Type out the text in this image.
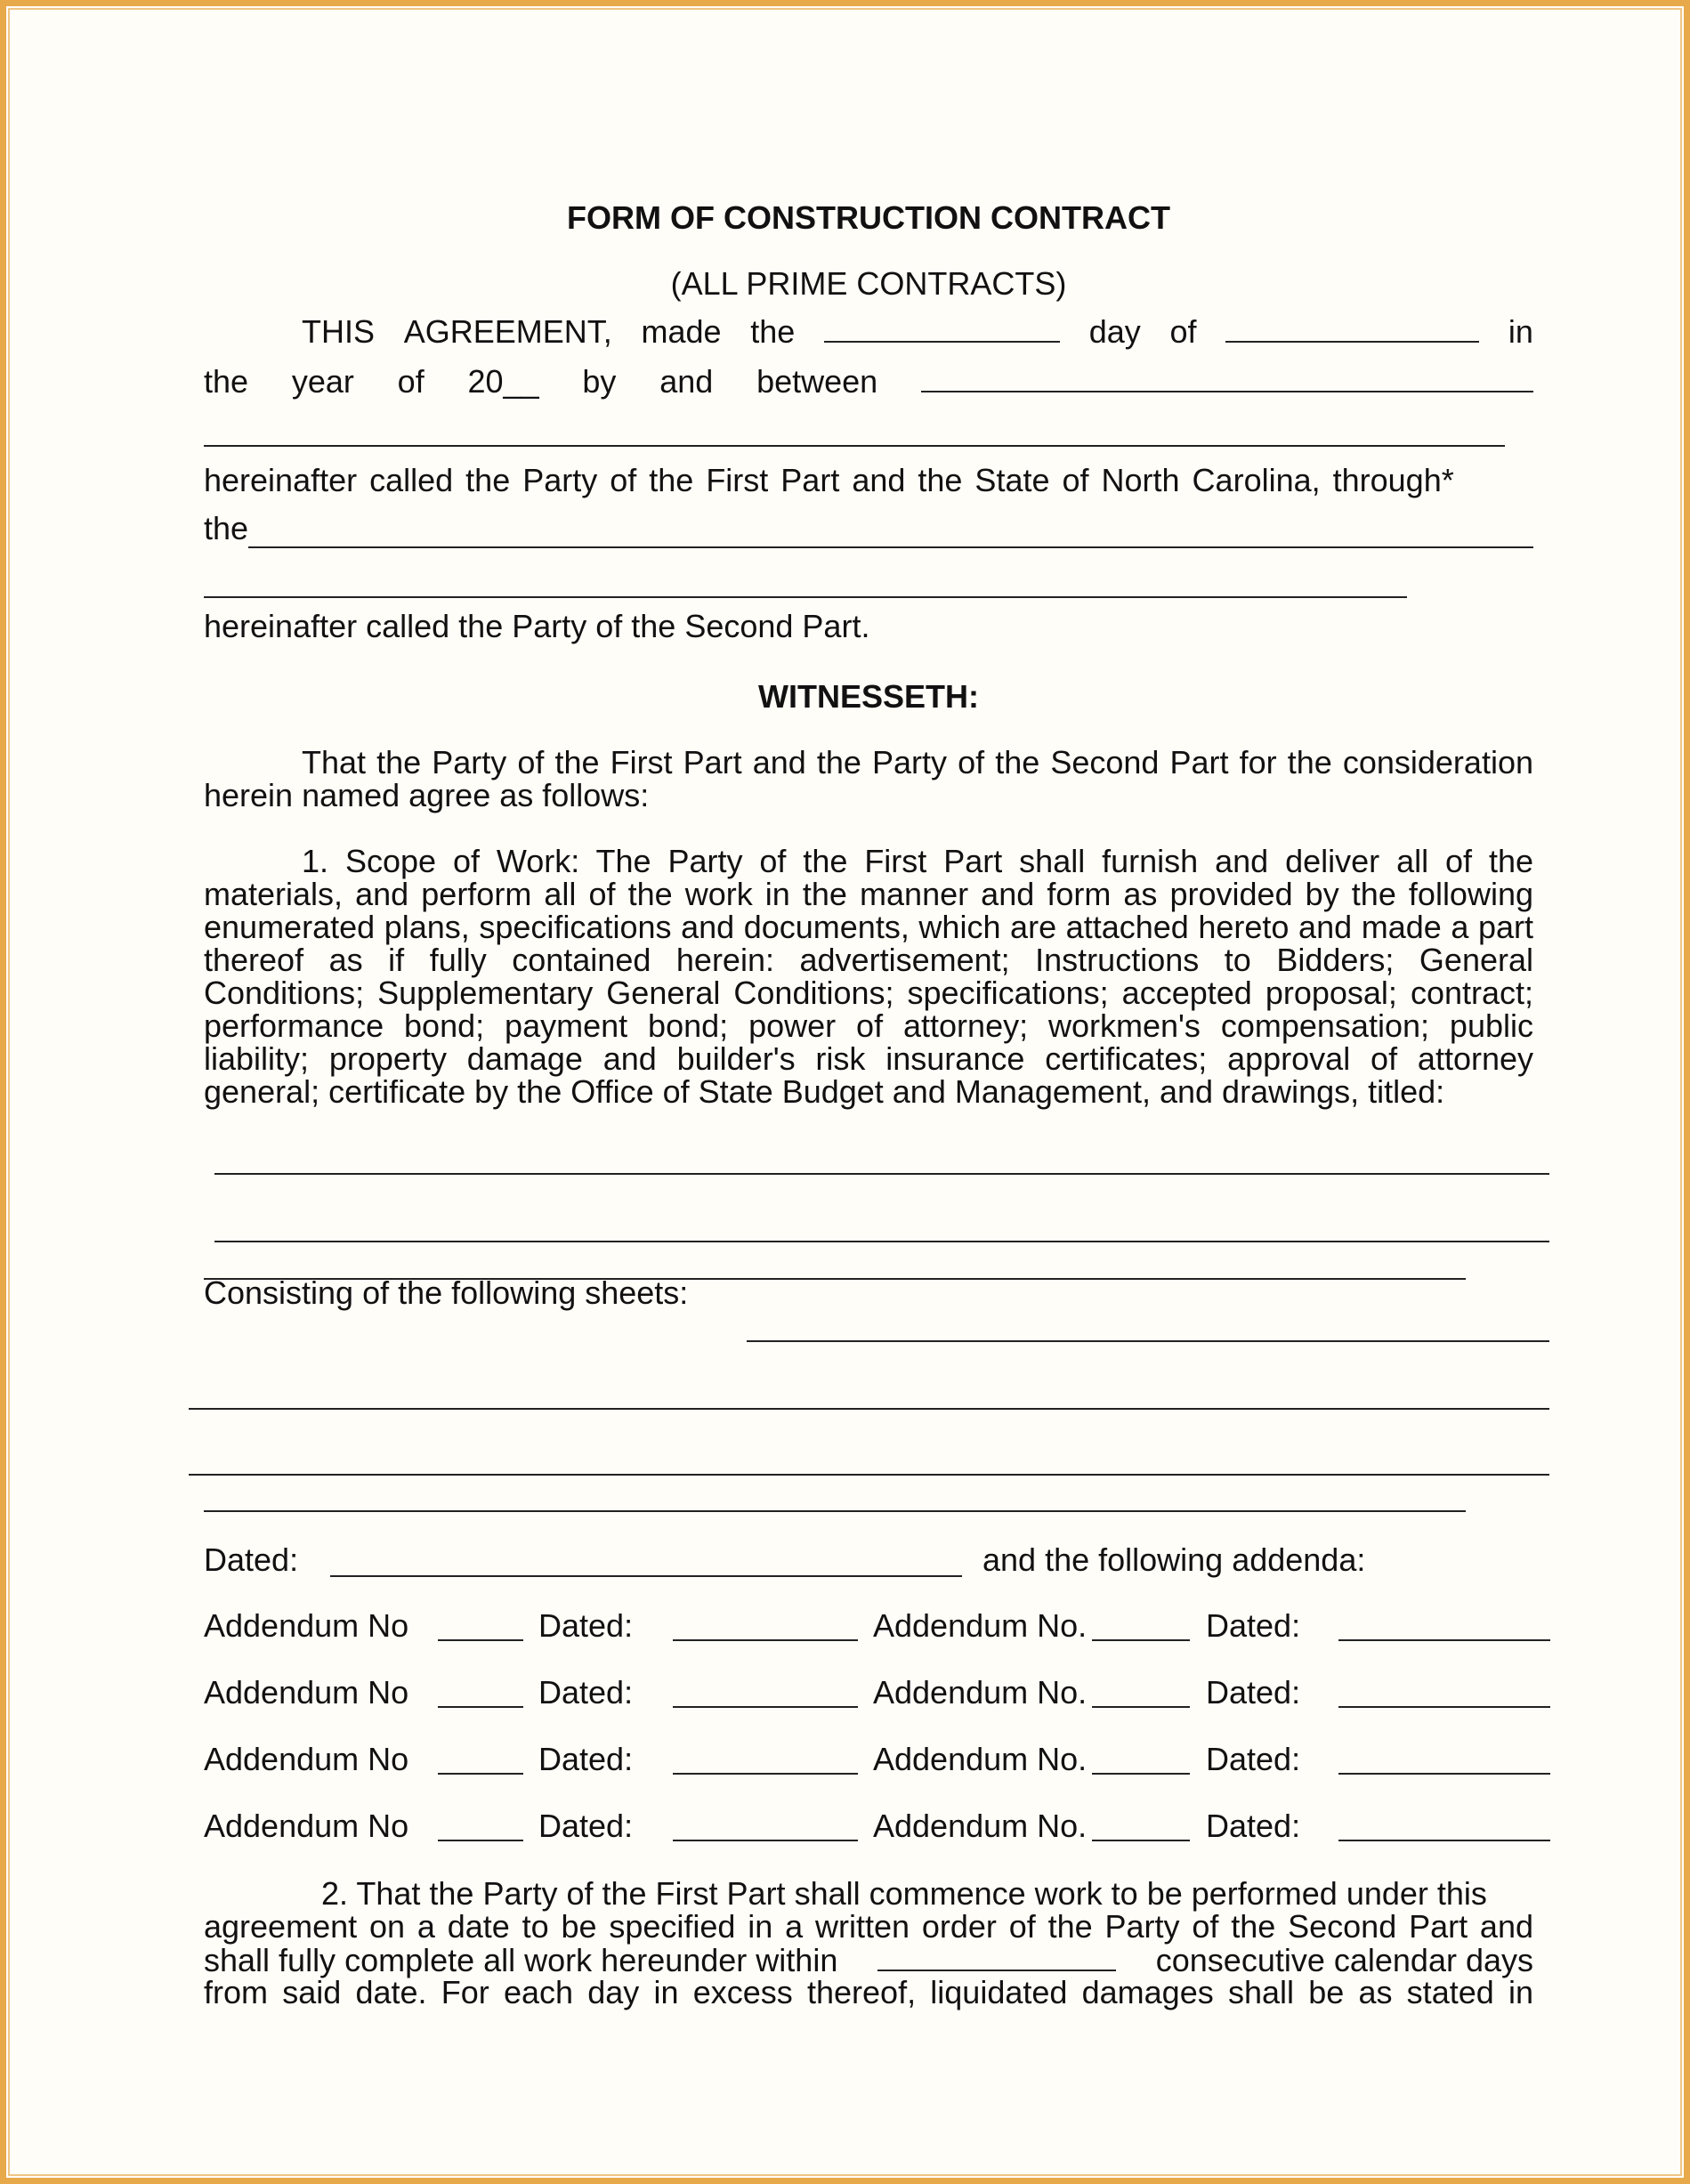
FORM OF CONSTRUCTION CONTRACT
(ALL PRIME CONTRACTS)
THIS AGREEMENT, made the	day of	in
the year of 20__ by and between
hereinafter called the Party of the First Part and the State of North Carolina, through*
the
hereinafter called the Party of the Second Part.
WITNESSETH:
That the Party of the First Part and the Party of the Second Part for the consideration herein named agree as follows:
1. Scope of Work: The Party of the First Part shall furnish and deliver all of the materials, and perform all of the work in the manner and form as provided by the following enumerated plans, specifications and documents, which are attached hereto and made a part thereof as if fully contained herein: advertisement; Instructions to Bidders; General Conditions; Supplementary General Conditions; specifications; accepted proposal; contract; performance bond; payment bond; power of attorney; workmen's compensation; public liability; property damage and builder's risk insurance certificates; approval of attorney general; certificate by the Office of State Budget and Management, and drawings, titled:
Consisting of the following sheets:
Dated:	and the following addenda:
Addendum No	Dated:	Addendum No.	Dated:
Addendum No	Dated:	Addendum No.	Dated:
Addendum No	Dated:	Addendum No.	Dated:
Addendum No	Dated:	Addendum No.	Dated:
2. That the Party of the First Part shall commence work to be performed under this
agreement on a date to be specified in a written order of the Party of the Second Part and
shall fully complete all work hereunder within	consecutive calendar days
from said date. For each day in excess thereof, liquidated damages shall be as stated in
